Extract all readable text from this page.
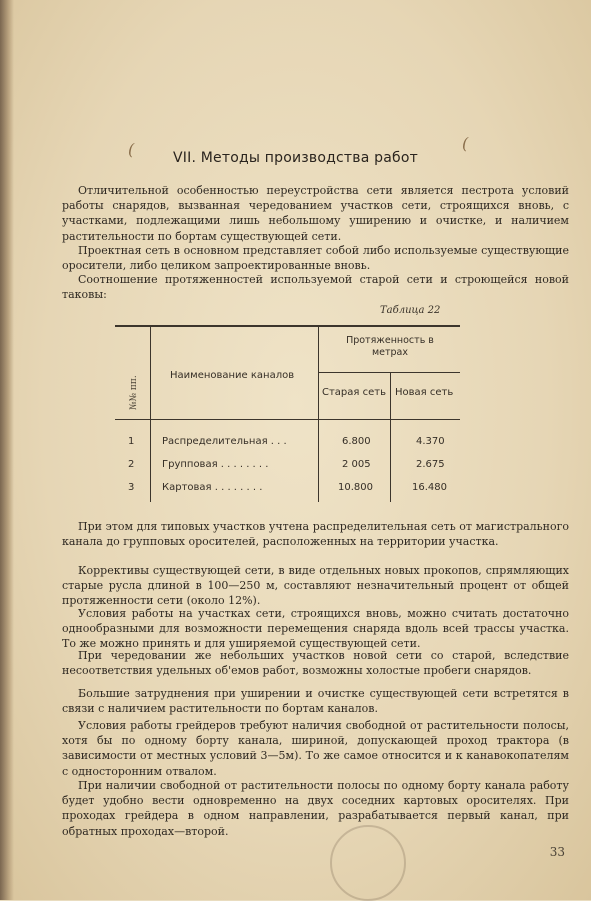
(	(
VII. Методы производства работ
Отличительной особенностью переустройства сети является пестрота условий работы снарядов, вызванная чередованием участков сети, строящихся вновь, с участками, подлежащими лишь небольшому уширению и очистке, и наличием растительности по бортам существующей сети.
Проектная сеть в основном представляет собой либо используемые существующие оросители, либо целиком запроектированные вновь.
Соотношение протяженностей используемой старой сети и строющейся новой таковы:
Таблица 22
№№ пп.	Наименование каналов
Протяженность в метрах
Старая сеть Новая сеть
1	Распределительная . . .	6.800	4.370
2	Групповая . . . . . . . .	2 005	2.675
3	Картовая . . . . . . . .	10.800	16.480
При этом для типовых участков учтена распределительная сеть от магистрального канала до групповых оросителей, расположенных на территории участка.
Коррективы существующей сети, в виде отдельных новых прокопов, спрямляющих старые русла длиной в 100—250 м, составляют незначительный процент от общей протяженности сети (около 12%).
Условия работы на участках сети, строящихся вновь, можно считать достаточно однообразными для возможности перемещения снаряда вдоль всей трассы участка. То же можно принять и для уширяемой существующей сети.
При чередовании же небольших участков новой сети со старой, вследствие несоответствия удельных об'емов работ, возможны холостые пробеги снарядов.
Большие затруднения при уширении и очистке существующей сети встретятся в связи с наличием растительности по бортам каналов.
Условия работы грейдеров требуют наличия свободной от растительности полосы, хотя бы по одному борту канала, шириной, допускающей проход трактора (в зависимости от местных условий 3—5м). То же самое относится и к канавокопателям с односторонним отвалом.
При наличии свободной от растительности полосы по одному борту канала работу будет удобно вести одновременно на двух соседних картовых оросителях. При проходах грейдера в одном направлении, разрабатывается первый канал, при обратных проходах—второй.
33
